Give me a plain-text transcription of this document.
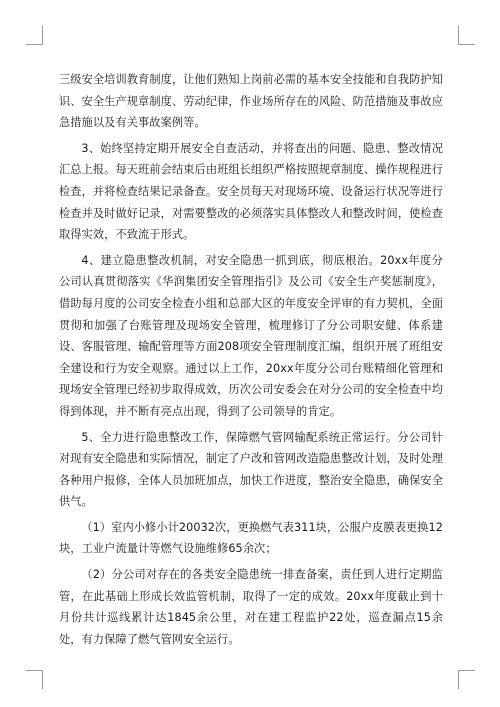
三级安全培训教育制度，让他们熟知上岗前必需的基本安全技能和自我防护知识、安全生产规章制度、劳动纪律，作业场所存在的风险、防范措施及事故应急措施以及有关事故案例等。

3、始终坚持定期开展安全自查活动，并将查出的问题、隐患、整改情况汇总上报。每天班前会结束后由班组长组织严格按照规章制度、操作规程进行检查，并将检查结果记录备查。安全员每天对现场环境、设备运行状况等进行检查并及时做好记录，对需要整改的必须落实具体整改人和整改时间，使检查取得实效，不致流于形式。

4、建立隐患整改机制，对安全隐患一抓到底，彻底根治。20xx年度分公司认真贯彻落实《华润集团安全管理指引》及公司《安全生产奖惩制度》，借助每月度的公司安全检查小组和总部大区的年度安全评审的有力契机，全面贯彻和加强了台账管理及现场安全管理，梳理修订了分公司职安健、体系建设、客服管理、输配管理等方面208项安全管理制度汇编，组织开展了班组安全建设和行为安全观察。通过以上工作，20xx年度分公司台账精细化管理和现场安全管理已经初步取得成效，历次公司安委会在对分公司的安全检查中均得到体现，并不断有亮点出现，得到了公司领导的肯定。

5、全力进行隐患整改工作，保障燃气管网输配系统正常运行。分公司针对现有安全隐患和实际情况，制定了户改和管网改造隐患整改计划，及时处理各种用户报修，全体人员加班加点，加快工作进度，整治安全隐患，确保安全供气。

（1）室内小修小计20032次，更换燃气表311块，公服户皮膜表更换12块，工业户流量计等燃气设施维修65余次；

（2）分公司对存在的各类安全隐患统一排查备案，责任到人进行定期监管，在此基础上形成长效监管机制，取得了一定的成效。20xx年度截止到十月份共计巡线累计达1845余公里，对在建工程监护22处，巡查漏点15余处，有力保障了燃气管网安全运行。
